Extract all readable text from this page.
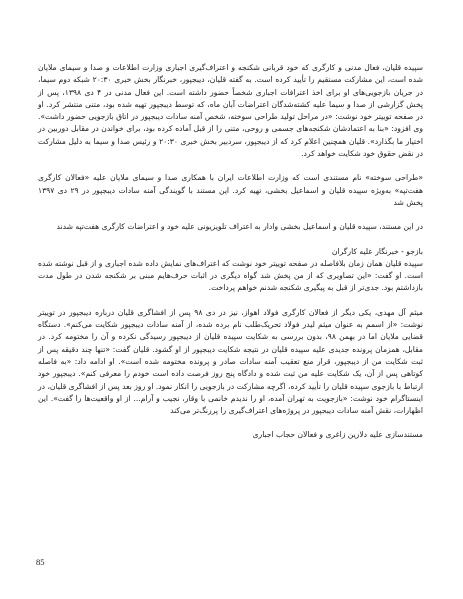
سپیده قلیان، فعال مدنی و کارگری که خود قربانی شکنجه و اعتراف‌گیری اجباری وزارت اطلاعات و صدا و سیمای ملایان شده است، این مشارکت مستقیم را تأیید کرده است. به گفته قلیان، دیبجپور، خبرنگار بخش خبری ۲۰:۳۰ شبکه دوم سیما، در جریان بازجویی‌های او برای اخذ اعترافات اجباری شخصاً حضور داشته است. این فعال مدنی در ۴ دی ۱۳۹۸، پس از پخش گزارشی از صدا و سیما علیه کشته‌شدگان اعتراضات آبان ماه، که توسط دیبجپور تهیه شده بود، متنی منتشر کرد. او در صفحه توییتر خود نوشت: «در مراحل تولید طراحی سوخته، شخص آمنه سادات دیبجپور در اتاق بازجویی حضور داشت». وی افزود: «بنا به اعتمادشان شکنجه‌های جسمی و روحی، متنی را از قبل آماده کرده بود، برای خواندن در مقابل دوربین در اختیار ما بگذارد». قلیان همچنین اعلام کرد که از دیبجپور، سردبیر بخش خبری ۲۰:۳۰ و رئیس صدا و سیما به دلیل مشارکت در نقض حقوق خود شکایت خواهد کرد.

«طراحی سوخته» نام مستندی است که وزارت اطلاعات ایران با همکاری صدا و سیمای ملایان علیه «فعالان کارگری هفت‌تپه» به‌ویژه سپیده قلیان و اسماعیل بخشی، تهیه کرد. این مستند با گویندگی آمنه سادات دیبجپور در ۲۹ دی ۱۳۹۷ پخش شد

در این مستند، سپیده قلیان و اسماعیل بخشی وادار به اعتراف تلویزیونی علیه خود و اعتراضات کارگری هفت‌تپه شدند

بازجو - خبرنگار علیه کارگران

سپیده قلیان همان زمان بلافاصله در صفحه توییتر خود نوشت که اعتراف‌های نمایش داده شده اجباری و از قبل نوشته شده است. او گفت: «این تصاویری که از من پخش شد گواه دیگری در اثبات حرف‌هایم مبنی بر شکنجه شدن در طول مدت بازداشتم بود. جدی‌تر از قبل به پیگیری شکنجه شدنم خواهم پرداخت.

میثم آل مهدی، یکی دیگر از فعالان کارگری فولاد اهواز، نیز در دی ۹۸ پس از افشاگری قلیان درباره دیبجپور در توییتر نوشت: «از اسمم به عنوان میثم لیدر فولاد تحریک‌طلب نام برده شده، از آمنه سادات دیبجپور شکایت می‌کنم». دستگاه قضایی ملایان اما در بهمن ۹۸، بدون بررسی به شکایت سپیده قلیان از دیبجپور رسیدگی نکرده و آن را مختومه کرد. در مقابل، همزمان پرونده جدیدی علیه سپیده قلیان در نتیجه شکایت دیبجپور از او گشود. قلیان گفت: «تنها چند دقیقه پس از ثبت شکایت من از دیبجپور، قرار منع تعقیب آمنه سادات صادر و پرونده مختومه شده است». او ادامه داد: «به فاصله کوتاهی پس از آن، یک شکایت علیه من ثبت شده و دادگاه پنج روز فرصت داده است خودم را معرفی کنم». دیبجپور خود ارتباط با بازجوی سپیده قلیان را تأیید کرده، اگرچه مشارکت در بازجویی را انکار نمود. او روز بعد پس از افشاگری قلیان، در اینستاگرام خود نوشت: «بازجویت به تهران آمده، او را ندیدم خانمی با وقار، نجیب و آرام... از او واقعیت‌ها را گفت». این اظهارات، نقش آمنه سادات دیبجپور در پروژه‌های اعتراف‌گیری را پررنگ‌تر می‌کند

مستندسازی علیه دلارین زاغری و فعالان حجاب اجباری

85
